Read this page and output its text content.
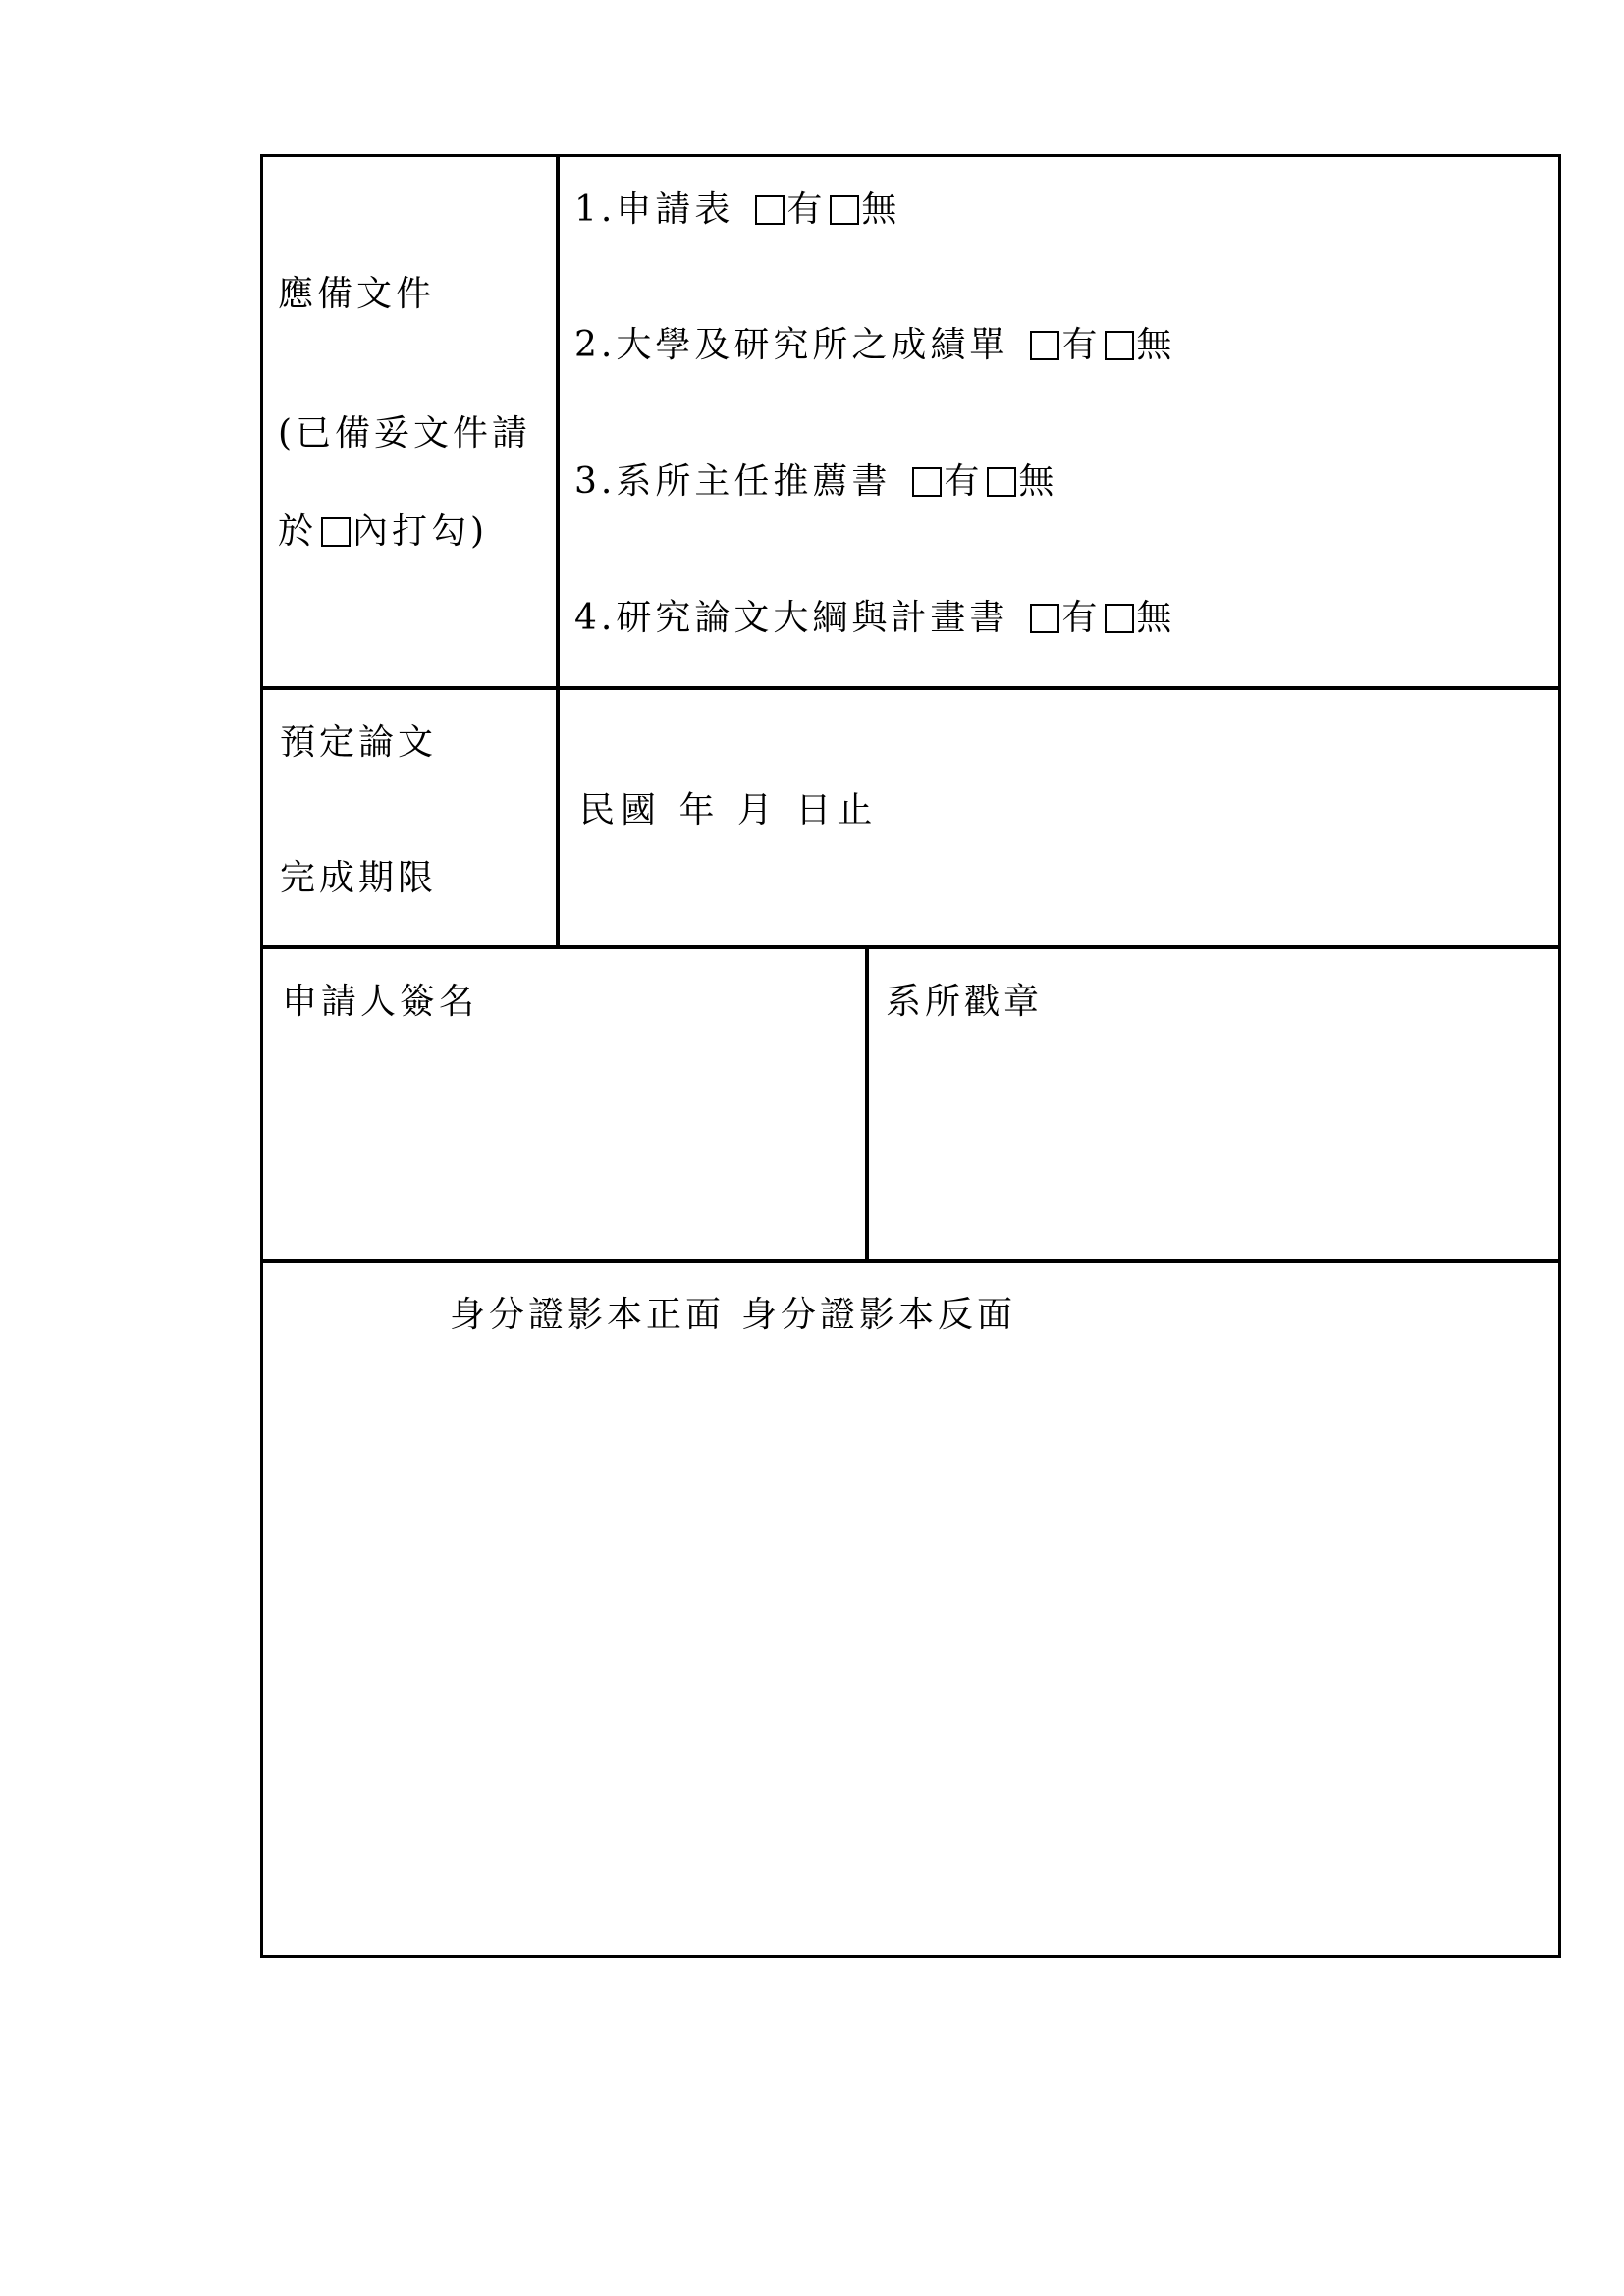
應備文件
(已備妥文件請
於 內打勾)
1.申請表 有 無
2.大學及研究所之成績單 有 無
3.系所主任推薦書 有 無
4.研究論文大綱與計畫書 有 無
預定論文
完成期限
民國 年 月 日止
申請人簽名	系所戳章
身分證影本正面 身分證影本反面
